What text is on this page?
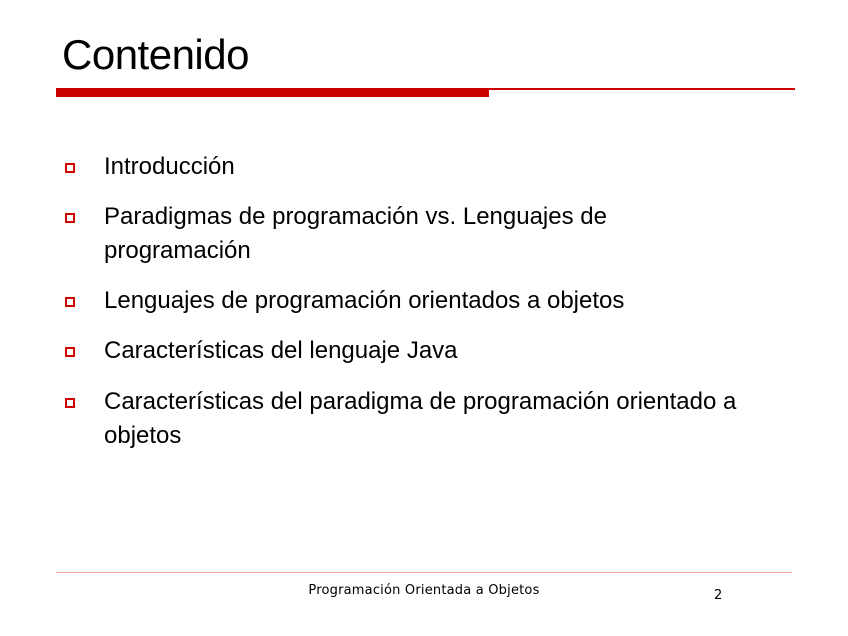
Contenido
Introducción
Paradigmas de programación vs. Lenguajes de programación
Lenguajes de programación orientados a objetos
Características del lenguaje Java
Características del paradigma de programación orientado a objetos
Programación Orientada a Objetos	2
